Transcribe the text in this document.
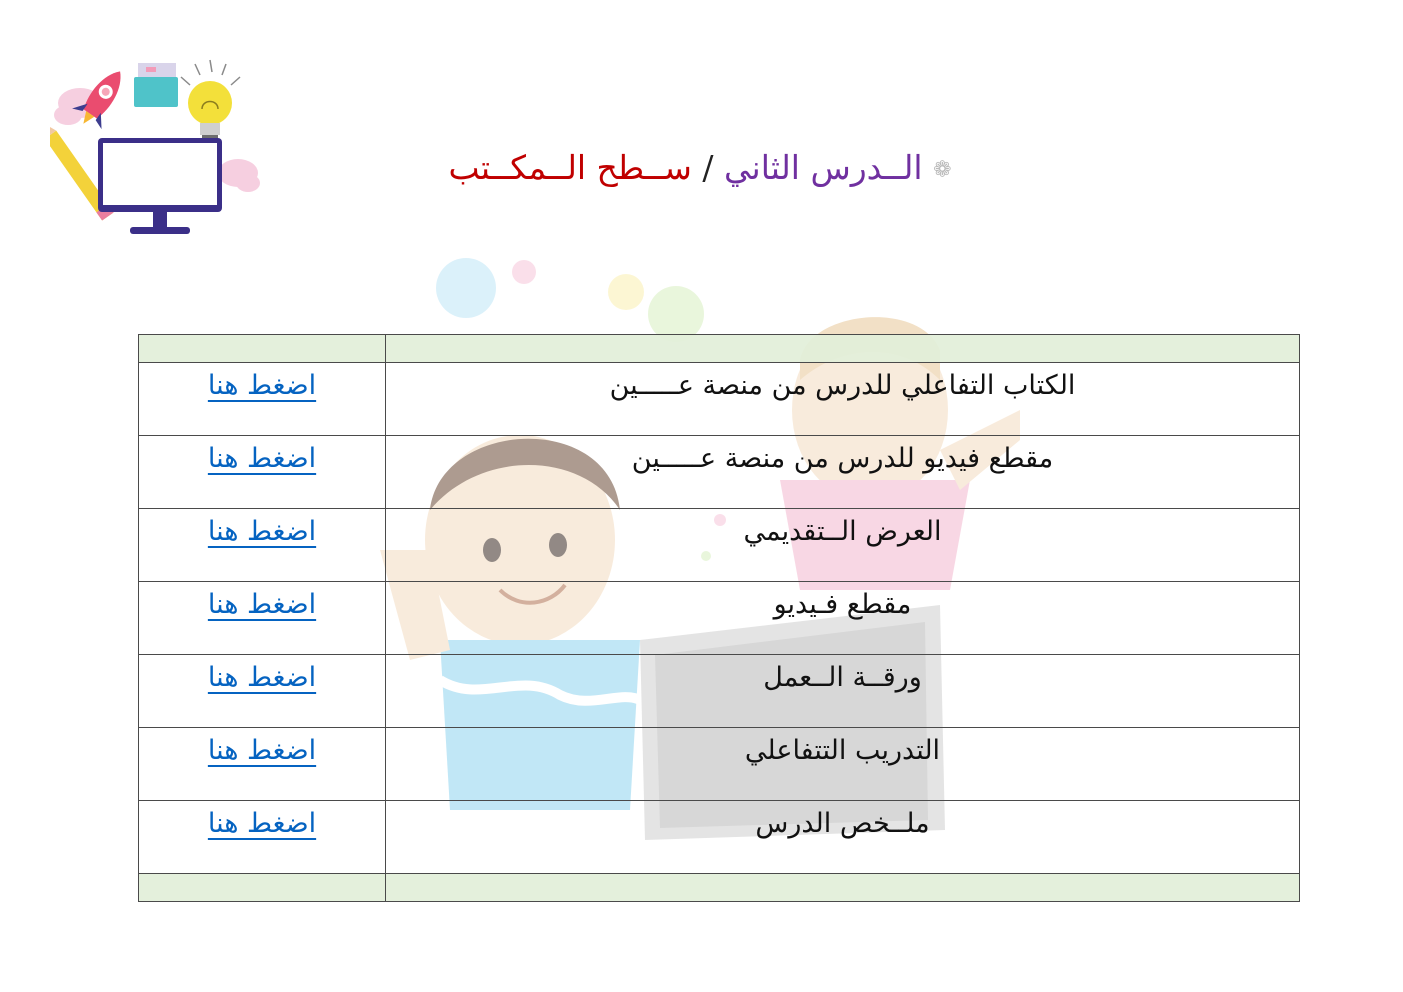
❁ الــدرس الثاني / ســطح الــمكــتب

الكتاب التفاعلي للدرس من منصة عـــــين	اضغط هنا
مقطع فيديو للدرس من منصة عـــــين	اضغط هنا
العرض الــتقديمي	اضغط هنا
مقطع فـيديو	اضغط هنا
ورقــة الــعمل	اضغط هنا
التدريب التتفاعلي	اضغط هنا
ملــخص الدرس	اضغط هنا
